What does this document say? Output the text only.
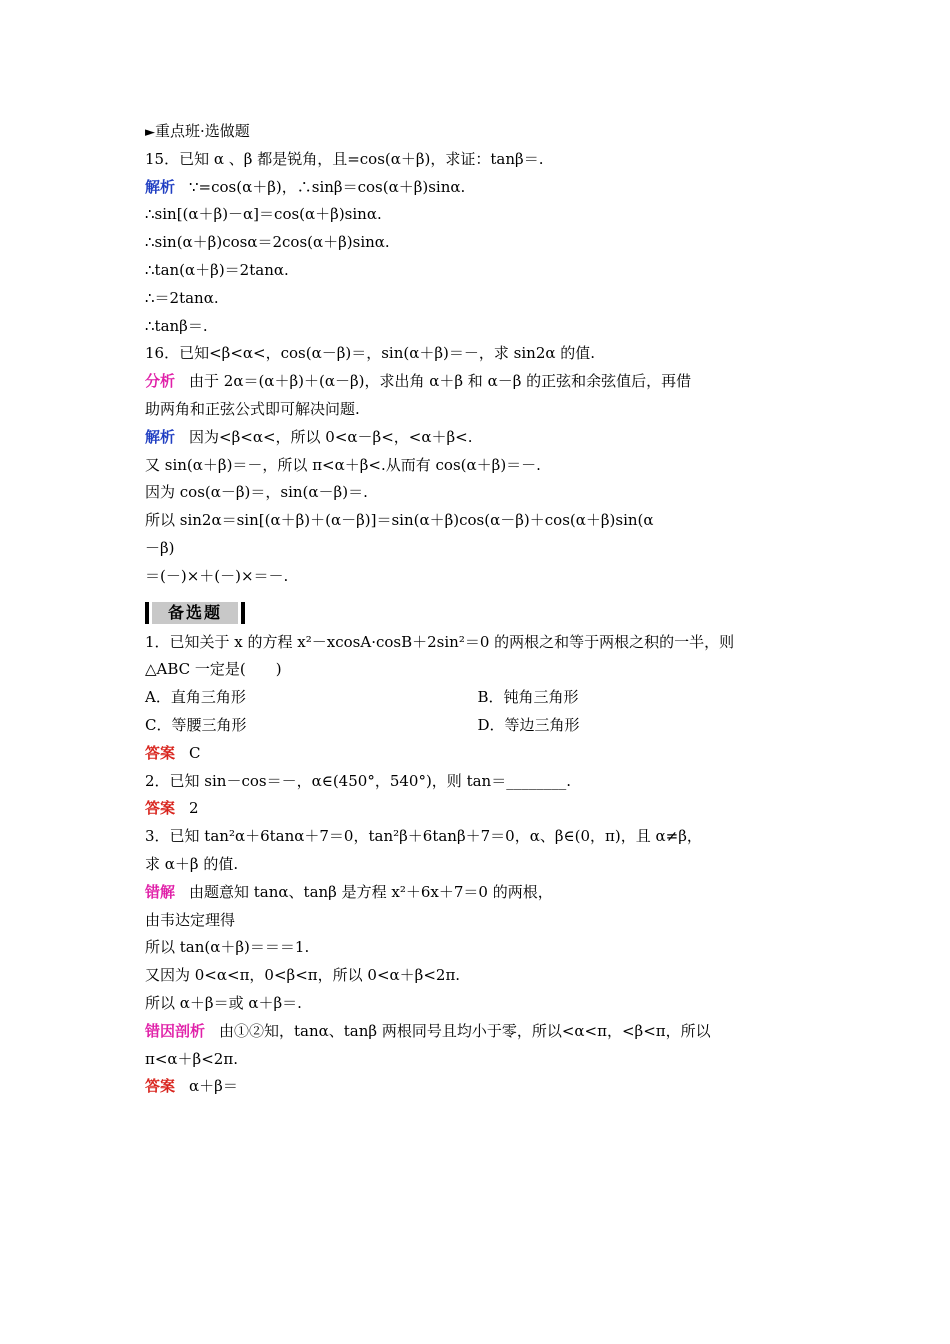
►重点班·选做题
15．已知 α 、β 都是锐角，且=cos(α＋β)，求证：tanβ＝.
解析 ∵=cos(α＋β)，∴sinβ＝cos(α＋β)sinα.
∴sin[(α＋β)－α]＝cos(α＋β)sinα.
∴sin(α＋β)cosα＝2cos(α＋β)sinα.
∴tan(α＋β)＝2tanα.
∴＝2tanα.
∴tanβ＝.
16．已知<β<α<，cos(α－β)＝，sin(α＋β)＝－，求 sin2α 的值.
分析 由于 2α＝(α＋β)＋(α－β)，求出角 α＋β 和 α－β 的正弦和余弦值后，再借
助两角和正弦公式即可解决问题.
解析 因为<β<α<，所以 0<α－β<，<α＋β<.
又 sin(α＋β)＝－，所以 π<α＋β<.从而有 cos(α＋β)＝－.
因为 cos(α－β)＝，sin(α－β)＝.
所以 sin2α＝sin[(α＋β)＋(α－β)]＝sin(α＋β)cos(α－β)＋cos(α＋β)sin(α
－β)
＝(－)×＋(－)×＝－.
备选题
1．已知关于 x 的方程 x²－xcosA·cosB＋2sin²＝0 的两根之和等于两根之积的一半，则
△ABC 一定是(　　)
A．直角三角形	B．钝角三角形
C．等腰三角形	D．等边三角形
答案 C
2．已知 sin－cos＝－，α∈(450°，540°)，则 tan＝________.
答案 2
3．已知 tan²α＋6tanα＋7＝0，tan²β＋6tanβ＋7＝0，α、β∈(0，π)，且 α≠β，
求 α＋β 的值.
错解 由题意知 tanα、tanβ 是方程 x²＋6x＋7＝0 的两根，
由韦达定理得
所以 tan(α＋β)＝＝＝1.
又因为 0<α<π，0<β<π，所以 0<α＋β<2π.
所以 α＋β＝或 α＋β＝.
错因剖析 由①②知，tanα、tanβ 两根同号且均小于零，所以<α<π，<β<π，所以
π<α＋β<2π.
答案 α＋β＝
